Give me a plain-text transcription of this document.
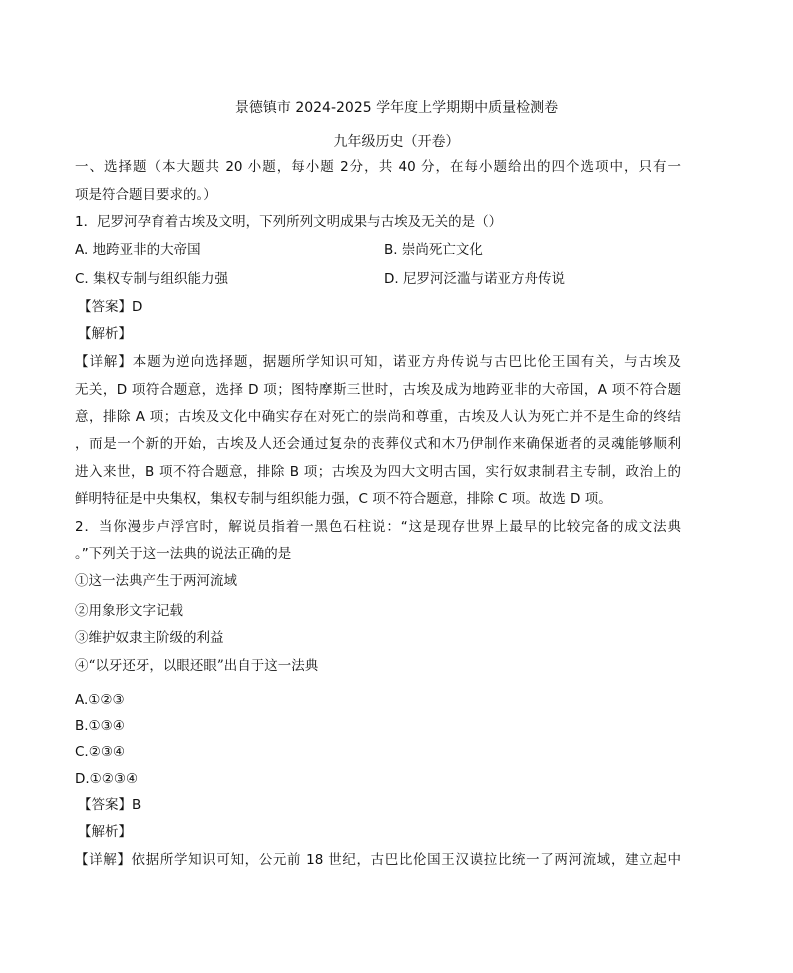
景德镇市 2024-2025 学年度上学期期中质量检测卷
九年级历史（开卷）
一、选择题（本大题共 20 小题，每小题 2分，共 40 分，在每小题给出的四个选项中，只有一
项是符合题目要求的。）
1．尼罗河孕育着古埃及文明，下列所列文明成果与古埃及无关的是（）
A. 地跨亚非的大帝国	B. 崇尚死亡文化
C. 集权专制与组织能力强	D. 尼罗河泛滥与诺亚方舟传说
【答案】D
【解析】
【详解】本题为逆向选择题，据题所学知识可知，诺亚方舟传说与古巴比伦王国有关，与古埃及
无关，D 项符合题意，选择 D 项；图特摩斯三世时，古埃及成为地跨亚非的大帝国，A 项不符合题
意，排除 A 项；古埃及文化中确实存在对死亡的崇尚和尊重，古埃及人认为死亡并不是生命的终结
，而是一个新的开始，古埃及人还会通过复杂的丧葬仪式和木乃伊制作来确保逝者的灵魂能够顺利
进入来世，B 项不符合题意，排除 B 项；古埃及为四大文明古国，实行奴隶制君主专制，政治上的
鲜明特征是中央集权，集权专制与组织能力强，C 项不符合题意，排除 C 项。故选 D 项。
2．当你漫步卢浮宫时，解说员指着一黑色石柱说：“这是现存世界上最早的比较完备的成文法典
。”下列关于这一法典的说法正确的是
①这一法典产生于两河流域
②用象形文字记载
③维护奴隶主阶级的利益
④“以牙还牙，以眼还眼”出自于这一法典
A.①②③
B.①③④
C.②③④
D.①②③④
【答案】B
【解析】
【详解】依据所学知识可知，公元前 18 世纪，古巴比伦国王汉谟拉比统一了两河流域，建立起中
